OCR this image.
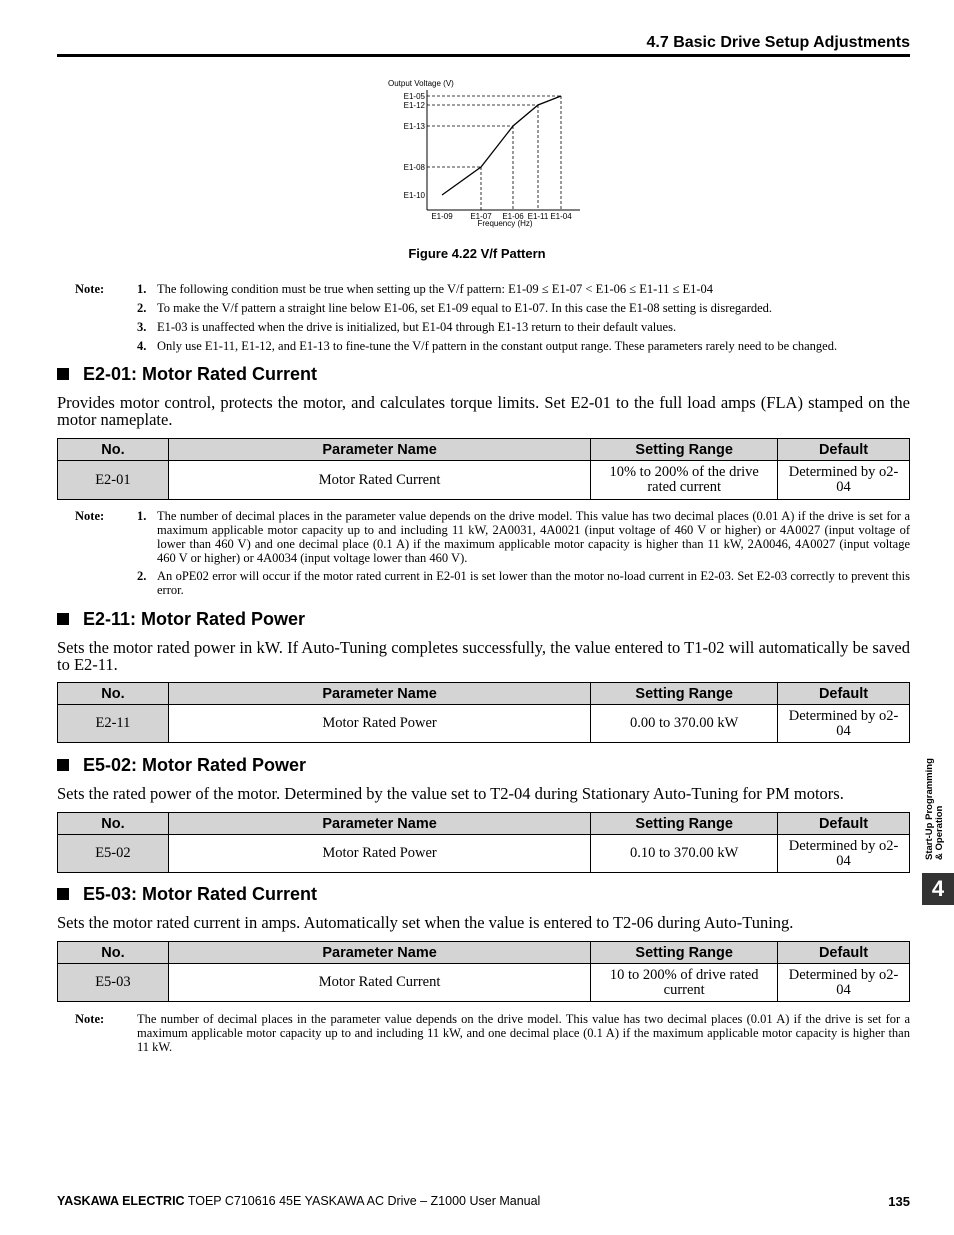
4.7 Basic Drive Setup Adjustments
Output Voltage (V)
E1-05
E1-12
E1-13
E1-08
E1-10
E1-09 E1-07 E1-06 E1-11 E1-04
Frequency (Hz)
Figure 4.22 V/f Pattern
Note:	1. The following condition must be true when setting up the V/f pattern: E1-09 ≤ E1-07 < E1-06 ≤ E1-11 ≤ E1-04
2. To make the V/f pattern a straight line below E1-06, set E1-09 equal to E1-07. In this case the E1-08 setting is disregarded.
3. E1-03 is unaffected when the drive is initialized, but E1-04 through E1-13 return to their default values.
4. Only use E1-11, E1-12, and E1-13 to fine-tune the V/f pattern in the constant output range. These parameters rarely need to be changed.
E2-01: Motor Rated Current
Provides motor control, protects the motor, and calculates torque limits. Set E2-01 to the full load amps (FLA) stamped on the motor nameplate.
No.	Parameter Name	Setting Range	Default
E2-01	Motor Rated Current	10% to 200% of the drive rated current	Determined by o2-04
Note:	1. The number of decimal places in the parameter value depends on the drive model. This value has two decimal places (0.01 A) if the drive is set for a maximum applicable motor capacity up to and including 11 kW, 2A0031, 4A0021 (input voltage of 460 V or higher) or 4A0027 (input voltage of lower than 460 V) and one decimal place (0.1 A) if the maximum applicable motor capacity is higher than 11 kW, 2A0046, 4A0027 (input voltage 460 V or higher) or 4A0034 (input voltage lower than 460 V).
2. An oPE02 error will occur if the motor rated current in E2-01 is set lower than the motor no-load current in E2-03. Set E2-03 correctly to prevent this error.
E2-11: Motor Rated Power
Sets the motor rated power in kW. If Auto-Tuning completes successfully, the value entered to T1-02 will automatically be saved to E2-11.
No.	Parameter Name	Setting Range	Default
E2-11	Motor Rated Power	0.00 to 370.00 kW	Determined by o2-04
E5-02: Motor Rated Power
Sets the rated power of the motor. Determined by the value set to T2-04 during Stationary Auto-Tuning for PM motors.
No.	Parameter Name	Setting Range	Default
E5-02	Motor Rated Power	0.10 to 370.00 kW	Determined by o2-04
E5-03: Motor Rated Current
Sets the motor rated current in amps. Automatically set when the value is entered to T2-06 during Auto-Tuning.
No.	Parameter Name	Setting Range	Default
E5-03	Motor Rated Current	10 to 200% of drive rated current	Determined by o2-04
Note:	The number of decimal places in the parameter value depends on the drive model. This value has two decimal places (0.01 A) if the drive is set for a maximum applicable motor capacity up to and including 11 kW, and one decimal place (0.1 A) if the maximum applicable motor capacity is higher than 11 kW.
Start-Up Programming & Operation
4
YASKAWA ELECTRIC TOEP C710616 45E YASKAWA AC Drive – Z1000 User Manual	135
